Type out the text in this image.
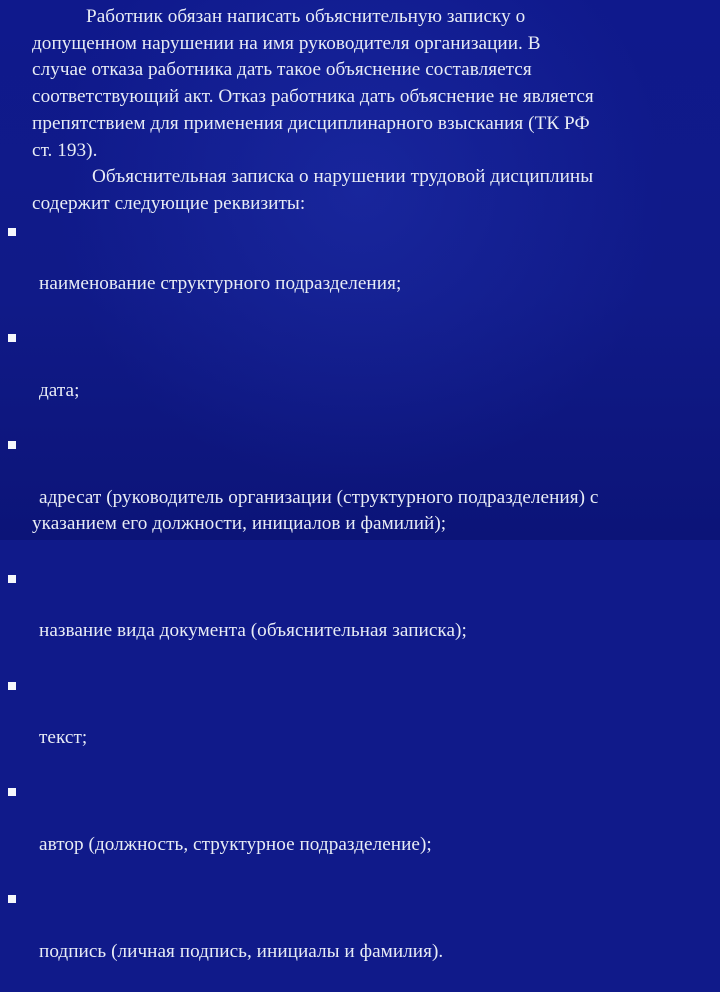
Работник обязан написать объяснительную записку о
допущенном нарушении на имя руководителя организации. В
случае отказа работника дать такое объяснение составляется
соответствующий акт. Отказ работника дать объяснение не является
препятствием для применения дисциплинарного взыскания (ТК РФ
ст. 193).

Объяснительная записка о нарушении трудовой дисциплины
содержит следующие реквизиты:

наименование структурного подразделения;

дата;

адресат (руководитель организации (структурного подразделения) с
указанием его должности, инициалов и фамилий);

название вида документа (объяснительная записка);

текст;

автор (должность, структурное подразделение);

подпись (личная подпись, инициалы и фамилия).
